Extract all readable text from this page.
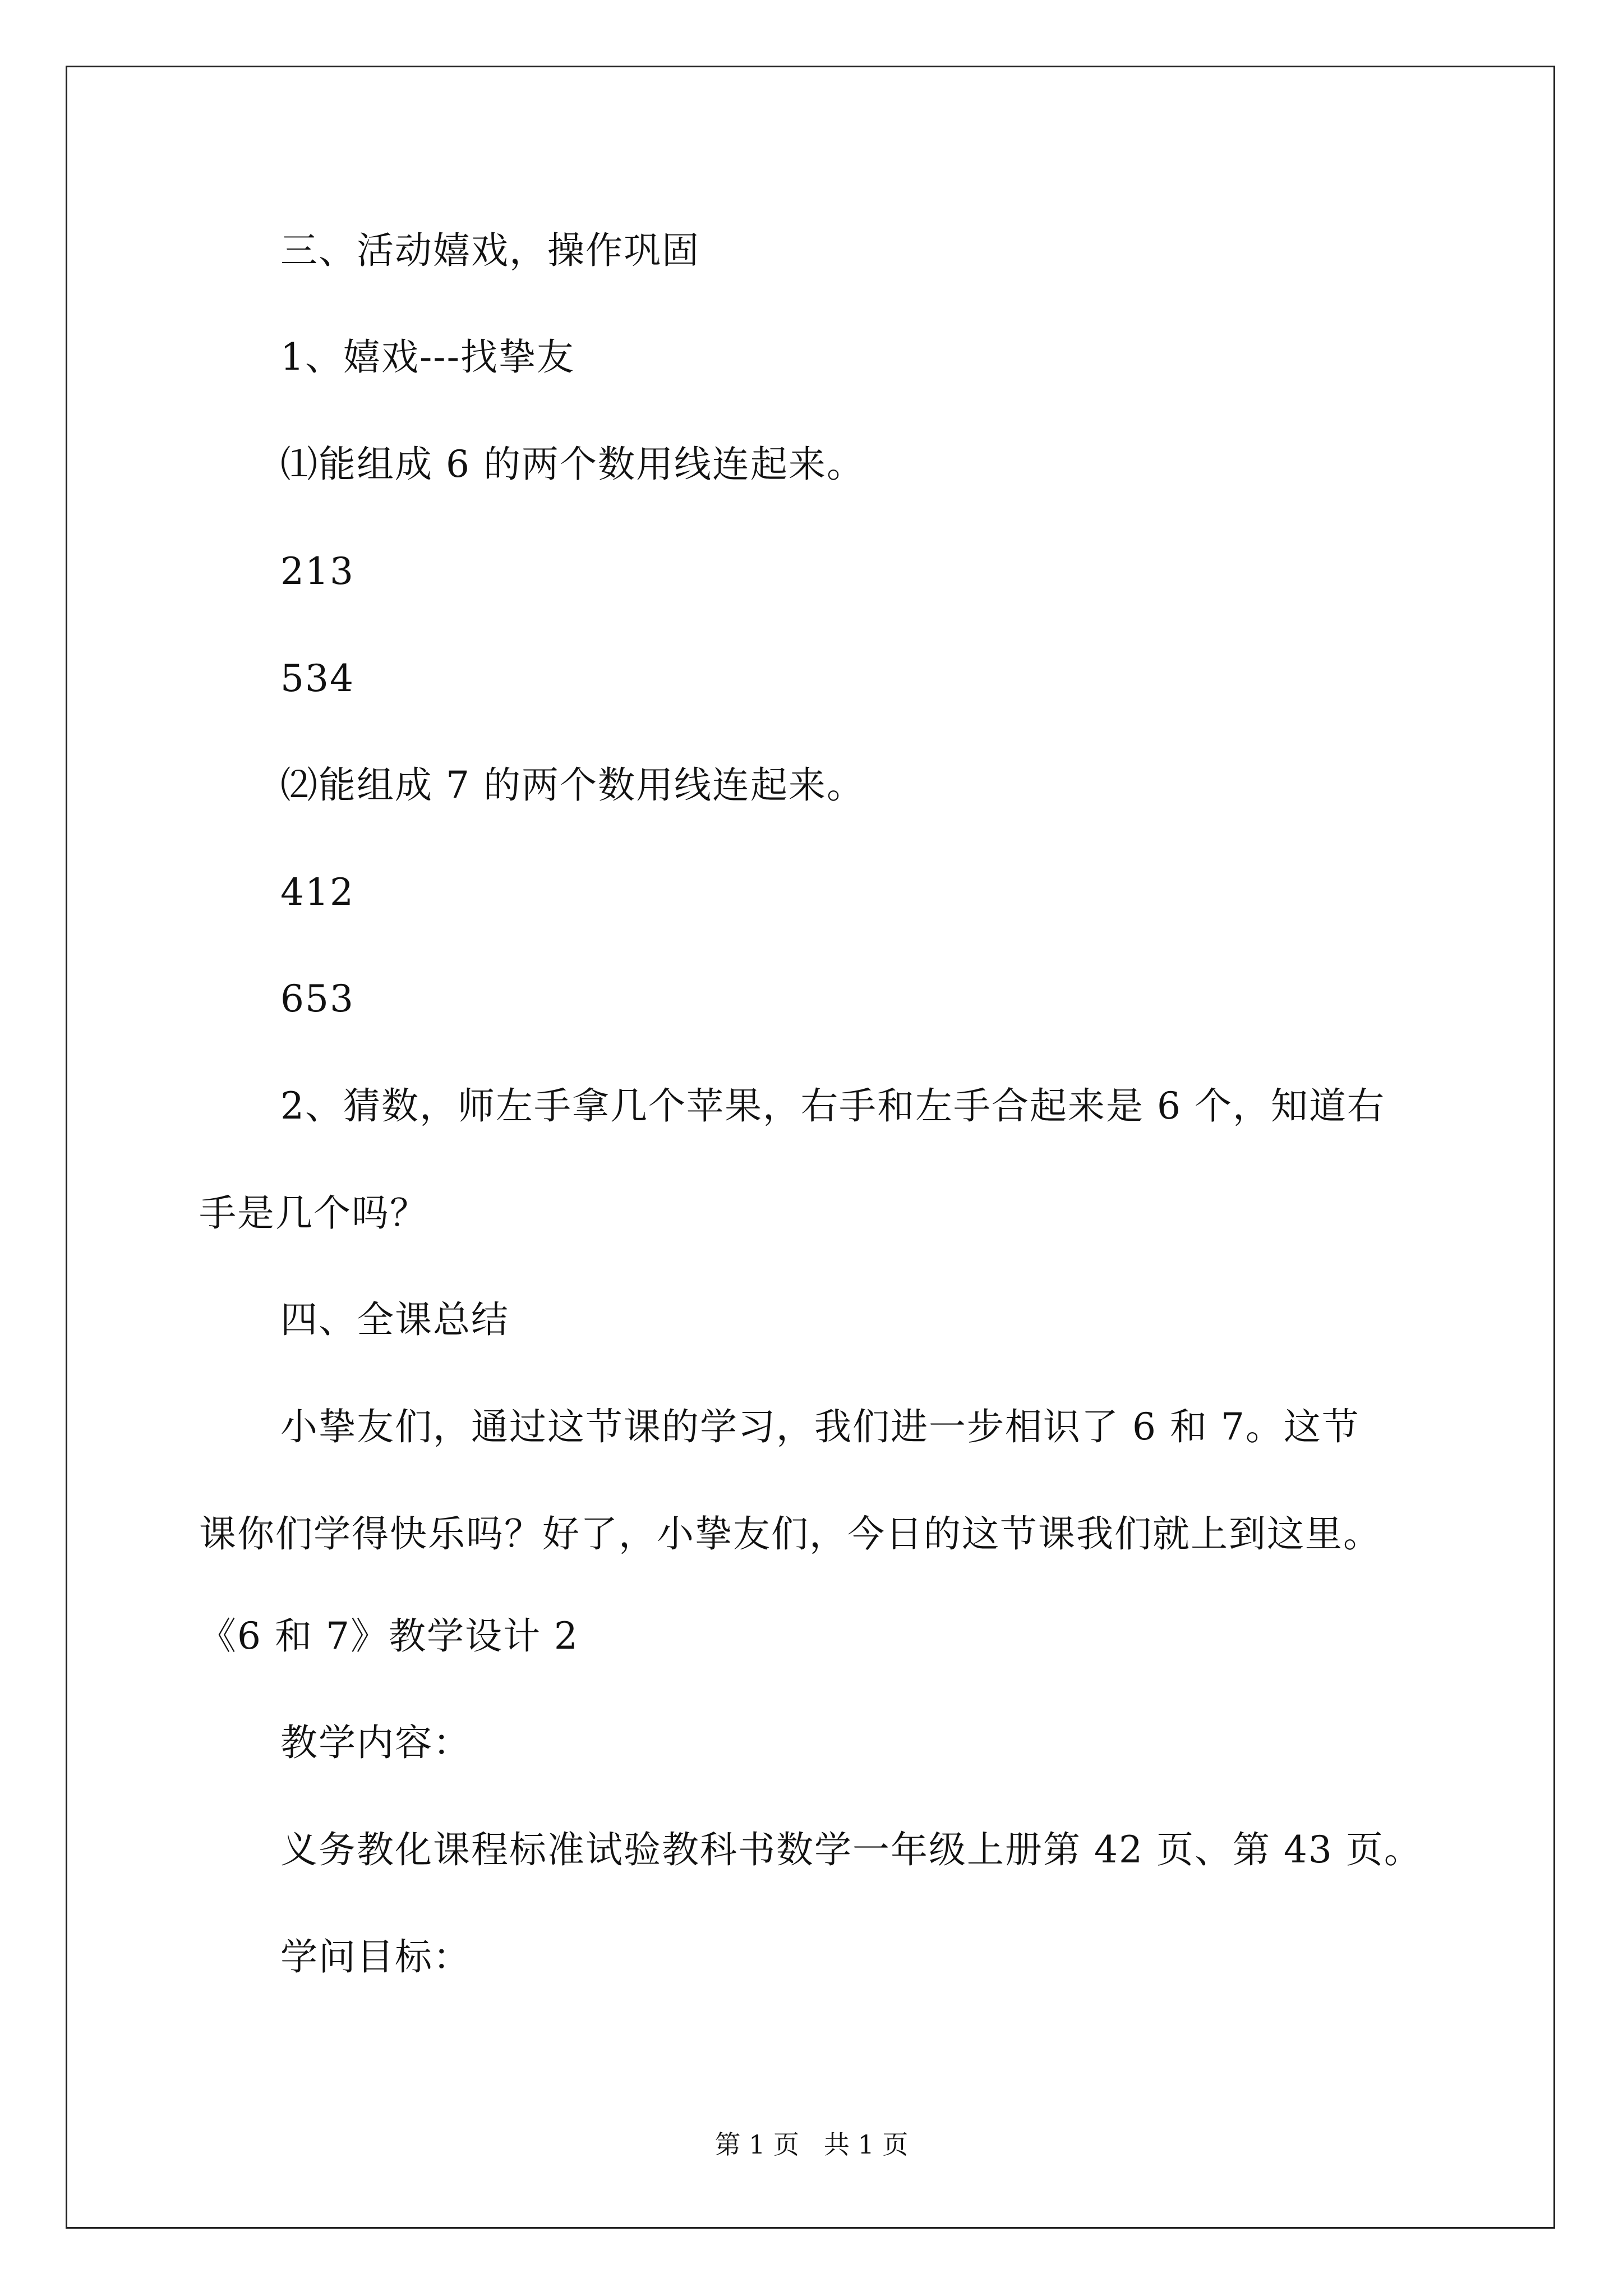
三、活动嬉戏，操作巩固
1、嬉戏---找挚友
⑴能组成 6 的两个数用线连起来。
213
534
⑵能组成 7 的两个数用线连起来。
412
653
2、猜数，师左手拿几个苹果，右手和左手合起来是 6 个，知道右
手是几个吗？
四、全课总结
小挚友们，通过这节课的学习，我们进一步相识了 6 和 7。这节
课你们学得快乐吗？好了，小挚友们，今日的这节课我们就上到这里。
《6 和 7》教学设计 2
教学内容：
义务教化课程标准试验教科书数学一年级上册第 42 页、第 43 页。
学问目标：
第 1 页   共 1 页
